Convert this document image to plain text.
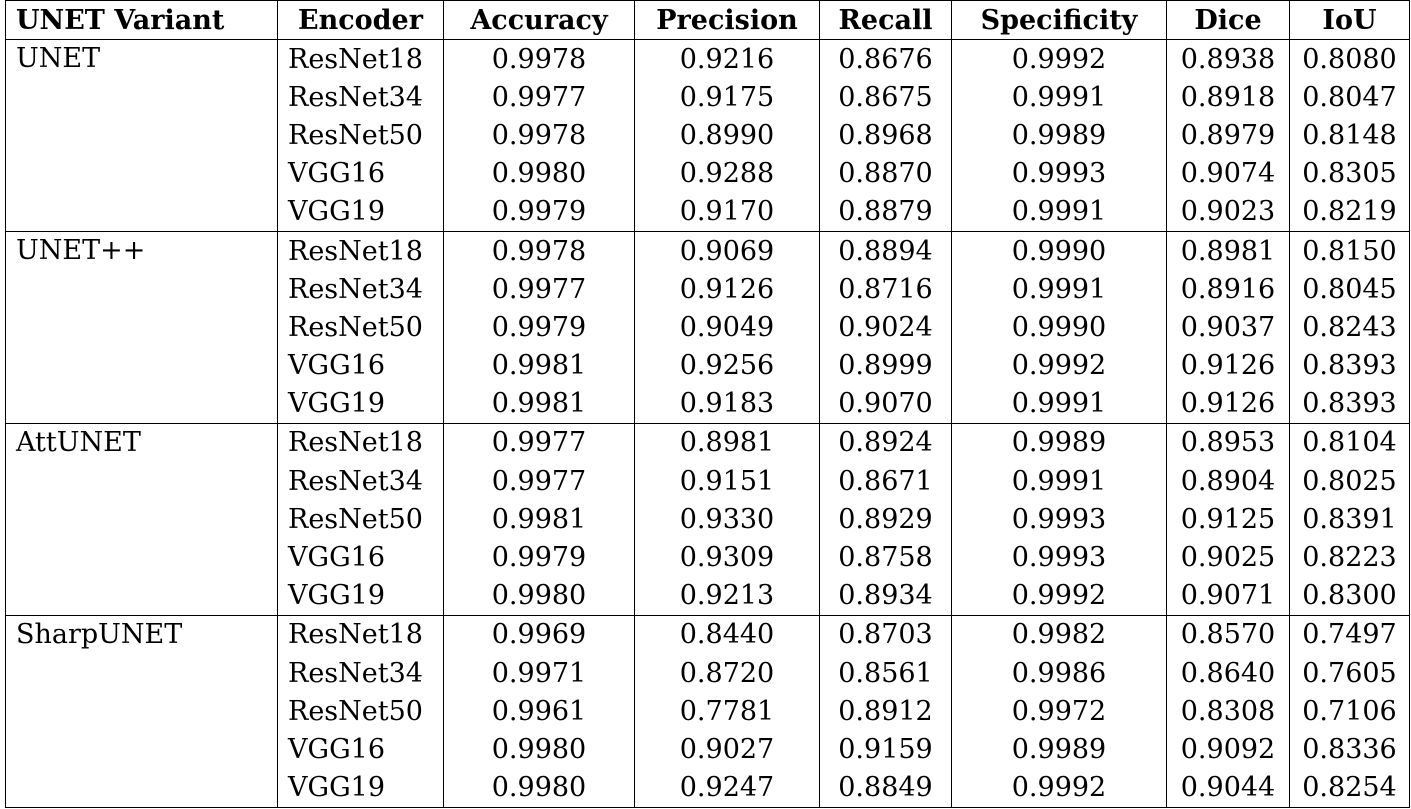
UNET Variant	Encoder	Accuracy	Precision	Recall	Specificity	Dice	IoU
UNET	ResNet18	0.9978	0.9216	0.8676	0.9992	0.8938	0.8080
	ResNet34	0.9977	0.9175	0.8675	0.9991	0.8918	0.8047
	ResNet50	0.9978	0.8990	0.8968	0.9989	0.8979	0.8148
	VGG16	0.9980	0.9288	0.8870	0.9993	0.9074	0.8305
	VGG19	0.9979	0.9170	0.8879	0.9991	0.9023	0.8219
UNET++	ResNet18	0.9978	0.9069	0.8894	0.9990	0.8981	0.8150
	ResNet34	0.9977	0.9126	0.8716	0.9991	0.8916	0.8045
	ResNet50	0.9979	0.9049	0.9024	0.9990	0.9037	0.8243
	VGG16	0.9981	0.9256	0.8999	0.9992	0.9126	0.8393
	VGG19	0.9981	0.9183	0.9070	0.9991	0.9126	0.8393
AttUNET	ResNet18	0.9977	0.8981	0.8924	0.9989	0.8953	0.8104
	ResNet34	0.9977	0.9151	0.8671	0.9991	0.8904	0.8025
	ResNet50	0.9981	0.9330	0.8929	0.9993	0.9125	0.8391
	VGG16	0.9979	0.9309	0.8758	0.9993	0.9025	0.8223
	VGG19	0.9980	0.9213	0.8934	0.9992	0.9071	0.8300
SharpUNET	ResNet18	0.9969	0.8440	0.8703	0.9982	0.8570	0.7497
	ResNet34	0.9971	0.8720	0.8561	0.9986	0.8640	0.7605
	ResNet50	0.9961	0.7781	0.8912	0.9972	0.8308	0.7106
	VGG16	0.9980	0.9027	0.9159	0.9989	0.9092	0.8336
	VGG19	0.9980	0.9247	0.8849	0.9992	0.9044	0.8254
